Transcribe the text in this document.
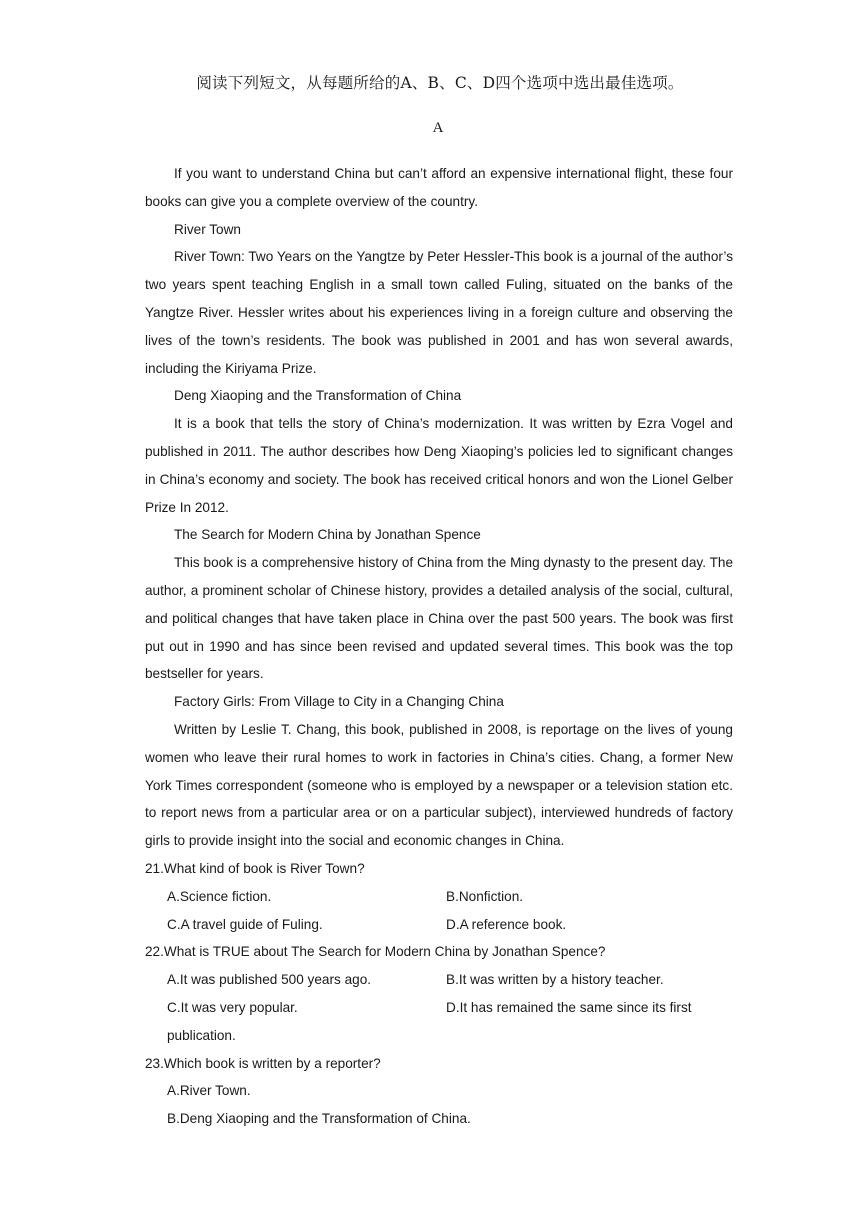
阅读下列短文，从每题所给的A、B、C、D四个选项中选出最佳选项。
A

If you want to understand China but can’t afford an expensive international flight, these four books can give you a complete overview of the country.

River Town

River Town: Two Years on the Yangtze by Peter Hessler-This book is a journal of the author’s two years spent teaching English in a small town called Fuling, situated on the banks of the Yangtze River. Hessler writes about his experiences living in a foreign culture and observing the lives of the town’s residents. The book was published in 2001 and has won several awards, including the Kiriyama Prize.

Deng Xiaoping and the Transformation of China

It is a book that tells the story of China’s modernization. It was written by Ezra Vogel and published in 2011. The author describes how Deng Xiaoping’s policies led to significant changes in China’s economy and society. The book has received critical honors and won the Lionel Gelber Prize In 2012.

The Search for Modern China by Jonathan Spence

This book is a comprehensive history of China from the Ming dynasty to the present day. The author, a prominent scholar of Chinese history, provides a detailed analysis of the social, cultural, and political changes that have taken place in China over the past 500 years. The book was first put out in 1990 and has since been revised and updated several times. This book was the top bestseller for years.

Factory Girls: From Village to City in a Changing China

Written by Leslie T. Chang, this book, published in 2008, is reportage on the lives of young women who leave their rural homes to work in factories in China’s cities. Chang, a former New York Times correspondent (someone who is employed by a newspaper or a television station etc. to report news from a particular area or on a particular subject), interviewed hundreds of factory girls to provide insight into the social and economic changes in China.

21.What kind of book is River Town?

A.Science fiction.	B.Nonfiction.

C.A travel guide of Fuling.	D.A reference book.

22.What is TRUE about The Search for Modern China by Jonathan Spence?

A.It was published 500 years ago.	B.It was written by a history teacher.

C.It was very popular.	D.It has remained the same since its first

publication.

23.Which book is written by a reporter?

A.River Town.

B.Deng Xiaoping and the Transformation of China.
